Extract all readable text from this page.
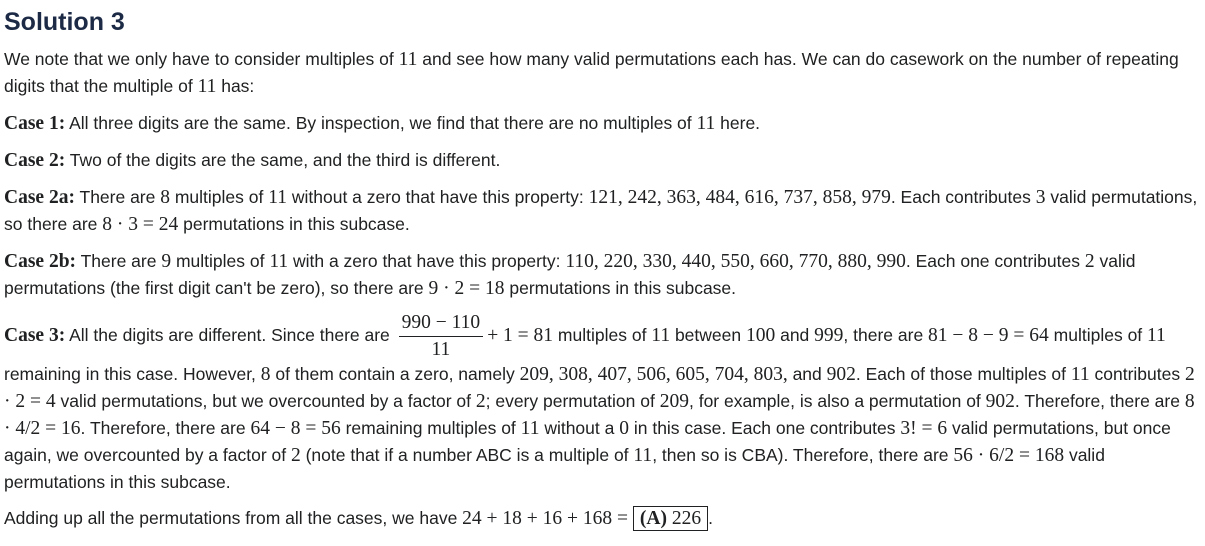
Solution 3

We note that we only have to consider multiples of 11 and see how many valid permutations each has. We can do casework on the number of repeating digits that the multiple of 11 has:

Case 1: All three digits are the same. By inspection, we find that there are no multiples of 11 here.

Case 2: Two of the digits are the same, and the third is different.

Case 2a: There are 8 multiples of 11 without a zero that have this property: 121, 242, 363, 484, 616, 737, 858, 979. Each contributes 3 valid permutations, so there are 8 · 3 = 24 permutations in this subcase.

Case 2b: There are 9 multiples of 11 with a zero that have this property: 110, 220, 330, 440, 550, 660, 770, 880, 990. Each one contributes 2 valid permutations (the first digit can't be zero), so there are 9 · 2 = 18 permutations in this subcase.

Case 3: All the digits are different. Since there are $\frac{990 - 110}{11} + 1 = 81$ multiples of 11 between 100 and 999, there are 81 − 8 − 9 = 64 multiples of 11 remaining in this case. However, 8 of them contain a zero, namely 209, 308, 407, 506, 605, 704, 803, and 902. Each of those multiples of 11 contributes 2 · 2 = 4 valid permutations, but we overcounted by a factor of 2; every permutation of 209, for example, is also a permutation of 902. Therefore, there are 8 · 4/2 = 16. Therefore, there are 64 − 8 = 56 remaining multiples of 11 without a 0 in this case. Each one contributes 3! = 6 valid permutations, but once again, we overcounted by a factor of 2 (note that if a number ABC is a multiple of 11, then so is CBA). Therefore, there are 56 · 6/2 = 168 valid permutations in this subcase.

Adding up all the permutations from all the cases, we have 24 + 18 + 16 + 168 = (A) 226 .
